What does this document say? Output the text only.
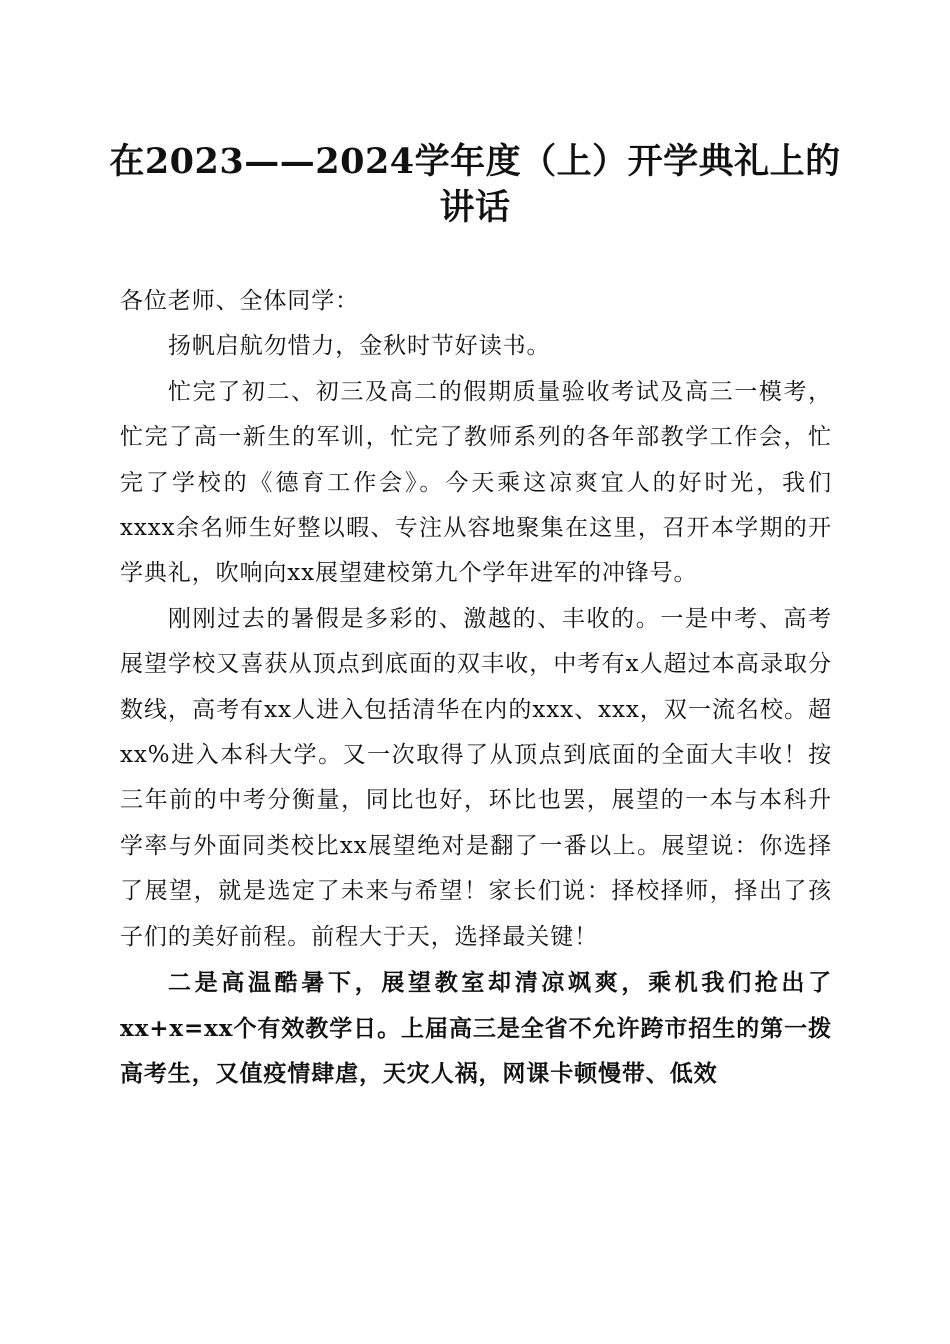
在2023——2024学年度（上）开学典礼上的
讲话

各位老师、全体同学：

扬帆启航勿惜力，金秋时节好读书。

忙完了初二、初三及高二的假期质量验收考试及高三一模考，忙完了高一新生的军训，忙完了教师系列的各年部教学工作会，忙完了学校的《德育工作会》。今天乘这凉爽宜人的好时光，我们xxxx余名师生好整以暇、专注从容地聚集在这里，召开本学期的开学典礼，吹响向xx展望建校第九个学年进军的冲锋号。

刚刚过去的暑假是多彩的、激越的、丰收的。一是中考、高考展望学校又喜获从顶点到底面的双丰收，中考有x人超过本高录取分数线，高考有xx人进入包括清华在内的xxx、xxx，双一流名校。超xx%进入本科大学。又一次取得了从顶点到底面的全面大丰收！按三年前的中考分衡量，同比也好，环比也罢，展望的一本与本科升学率与外面同类校比xx展望绝对是翻了一番以上。展望说：你选择了展望，就是选定了未来与希望！家长们说：择校择师，择出了孩子们的美好前程。前程大于天，选择最关键！

二是高温酷暑下，展望教室却清凉飒爽，乘机我们抢出了xx+x=xx个有效教学日。上届高三是全省不允许跨市招生的第一拨高考生，又值疫情肆虐，天灾人祸，网课卡顿慢带、低效
